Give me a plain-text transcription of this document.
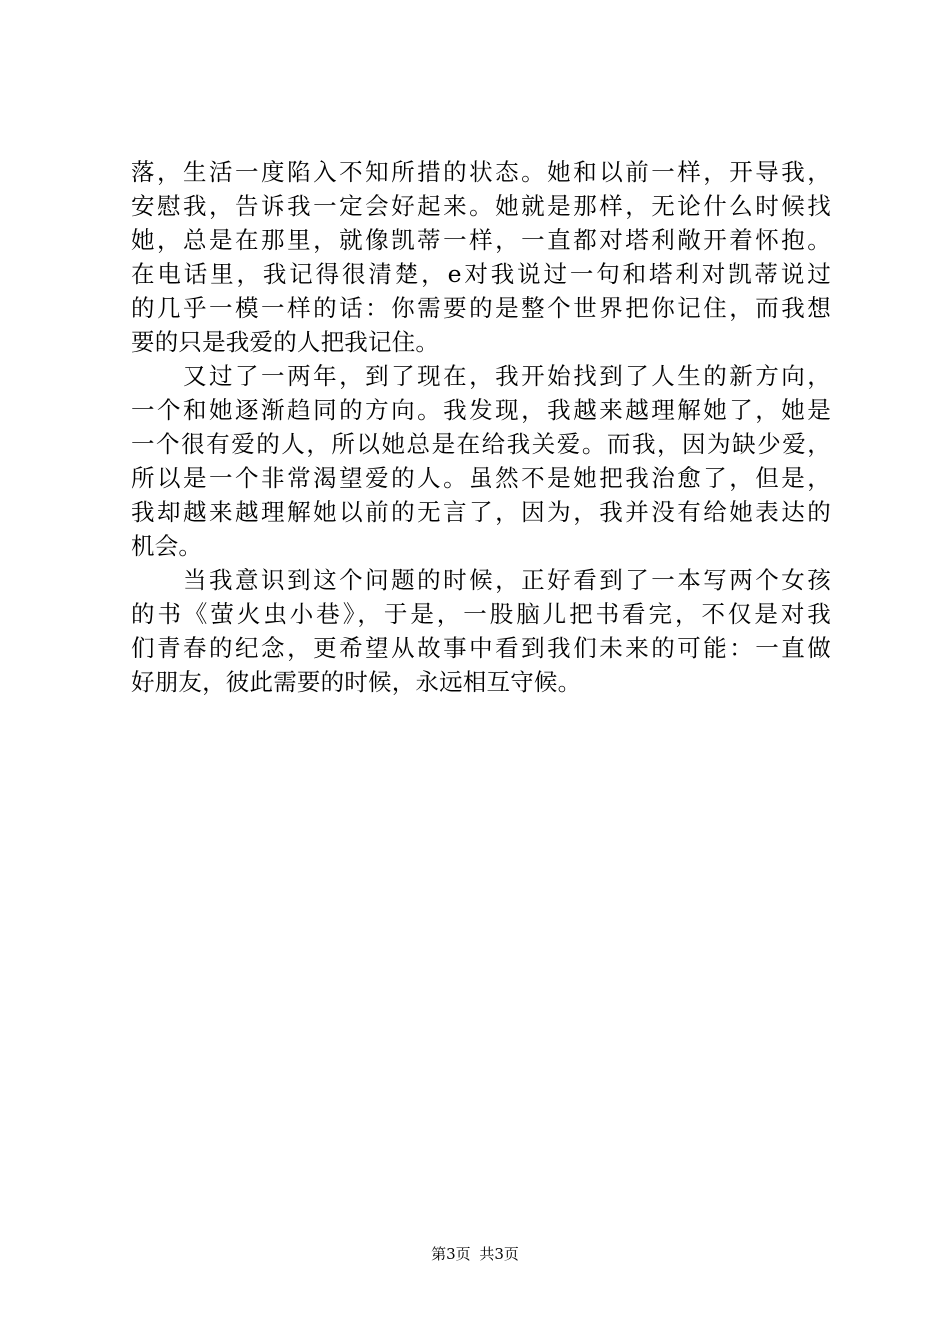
落，生活一度陷入不知所措的状态。她和以前一样，开导我，
安慰我，告诉我一定会好起来。她就是那样，无论什么时候找
她，总是在那里，就像凯蒂一样，一直都对塔利敞开着怀抱。
在电话里，我记得很清楚，e对我说过一句和塔利对凯蒂说过
的几乎一模一样的话：你需要的是整个世界把你记住，而我想
要的只是我爱的人把我记住。
　　又过了一两年，到了现在，我开始找到了人生的新方向，
一个和她逐渐趋同的方向。我发现，我越来越理解她了，她是
一个很有爱的人，所以她总是在给我关爱。而我，因为缺少爱，
所以是一个非常渴望爱的人。虽然不是她把我治愈了，但是，
我却越来越理解她以前的无言了，因为，我并没有给她表达的
机会。
　　当我意识到这个问题的时候，正好看到了一本写两个女孩
的书《萤火虫小巷》，于是，一股脑儿把书看完，不仅是对我
们青春的纪念，更希望从故事中看到我们未来的可能：一直做
好朋友，彼此需要的时候，永远相互守候。
第3页 共3页
